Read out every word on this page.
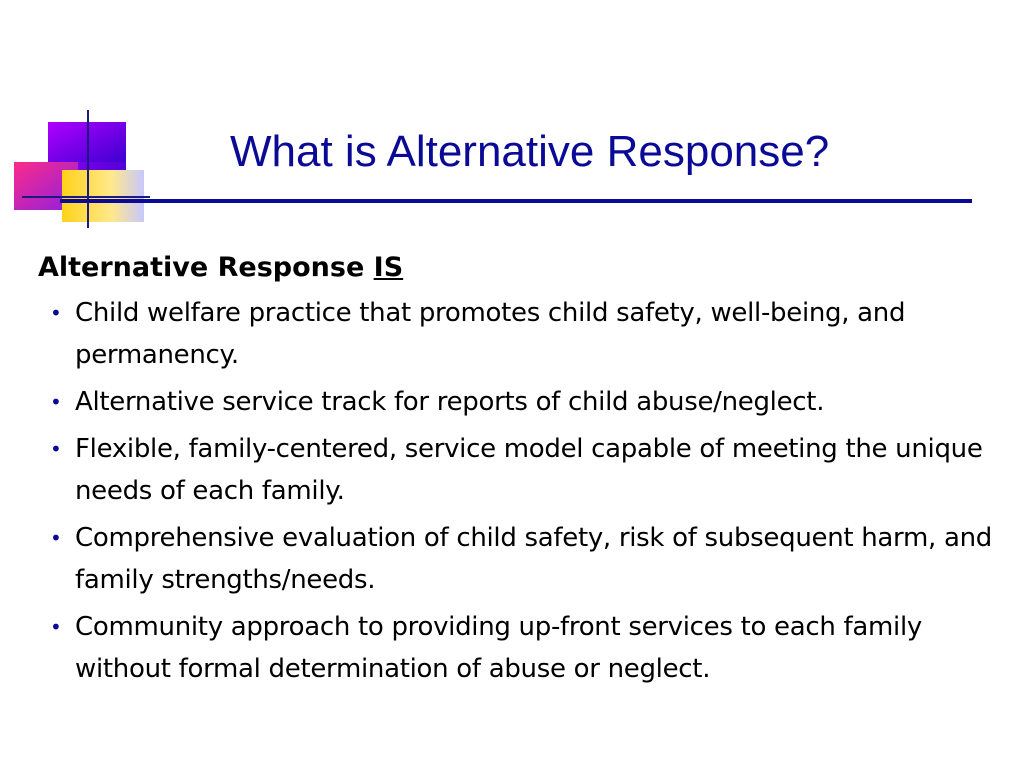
What is Alternative Response?
Alternative Response IS
• Child welfare practice that promotes child safety, well-being, and permanency.
• Alternative service track for reports of child abuse/neglect.
• Flexible, family-centered, service model capable of meeting the unique needs of each family.
• Comprehensive evaluation of child safety, risk of subsequent harm, and family strengths/needs.
• Community approach to providing up-front services to each family without formal determination of abuse or neglect.
